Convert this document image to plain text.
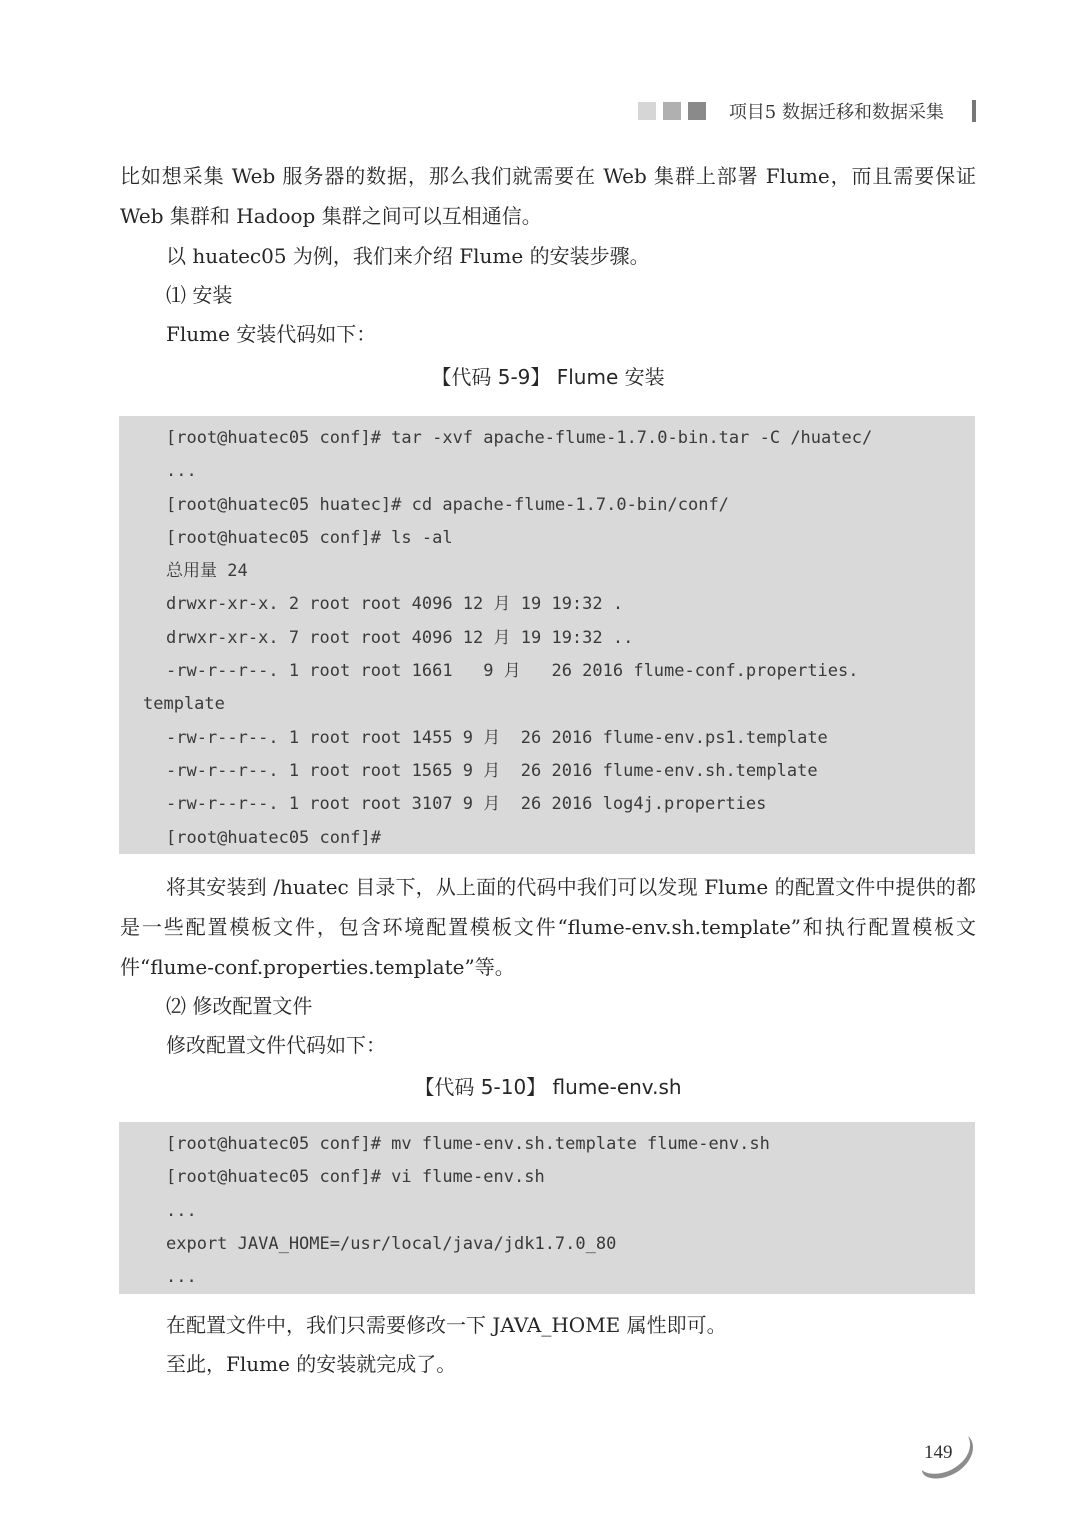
项目5 数据迁移和数据采集

比如想采集 Web 服务器的数据，那么我们就需要在 Web 集群上部署 Flume，而且需要保证 Web 集群和 Hadoop 集群之间可以互相通信。

以 huatec05 为例，我们来介绍 Flume 的安装步骤。

⑴ 安装

Flume 安装代码如下：

【代码 5-9】 Flume 安装
[root@huatec05 conf]# tar -xvf apache-flume-1.7.0-bin.tar -C /huatec/
...
[root@huatec05 huatec]# cd apache-flume-1.7.0-bin/conf/
[root@huatec05 conf]# ls -al
总用量 24
drwxr-xr-x. 2 root root 4096 12 月 19 19:32 .
drwxr-xr-x. 7 root root 4096 12 月 19 19:32 ..
-rw-r--r--. 1 root root 1661   9 月   26 2016 flume-conf.properties.
template
-rw-r--r--. 1 root root 1455 9 月  26 2016 flume-env.ps1.template
-rw-r--r--. 1 root root 1565 9 月  26 2016 flume-env.sh.template
-rw-r--r--. 1 root root 3107 9 月  26 2016 log4j.properties
[root@huatec05 conf]#

将其安装到 /huatec 目录下，从上面的代码中我们可以发现 Flume 的配置文件中提供的都是一些配置模板文件，包含环境配置模板文件“flume-env.sh.template”和执行配置模板文件“flume-conf.properties.template”等。

⑵ 修改配置文件

修改配置文件代码如下：

【代码 5-10】 flume-env.sh
[root@huatec05 conf]# mv flume-env.sh.template flume-env.sh
[root@huatec05 conf]# vi flume-env.sh
...
export JAVA_HOME=/usr/local/java/jdk1.7.0_80
...

在配置文件中，我们只需要修改一下 JAVA_HOME 属性即可。

至此，Flume 的安装就完成了。

149
